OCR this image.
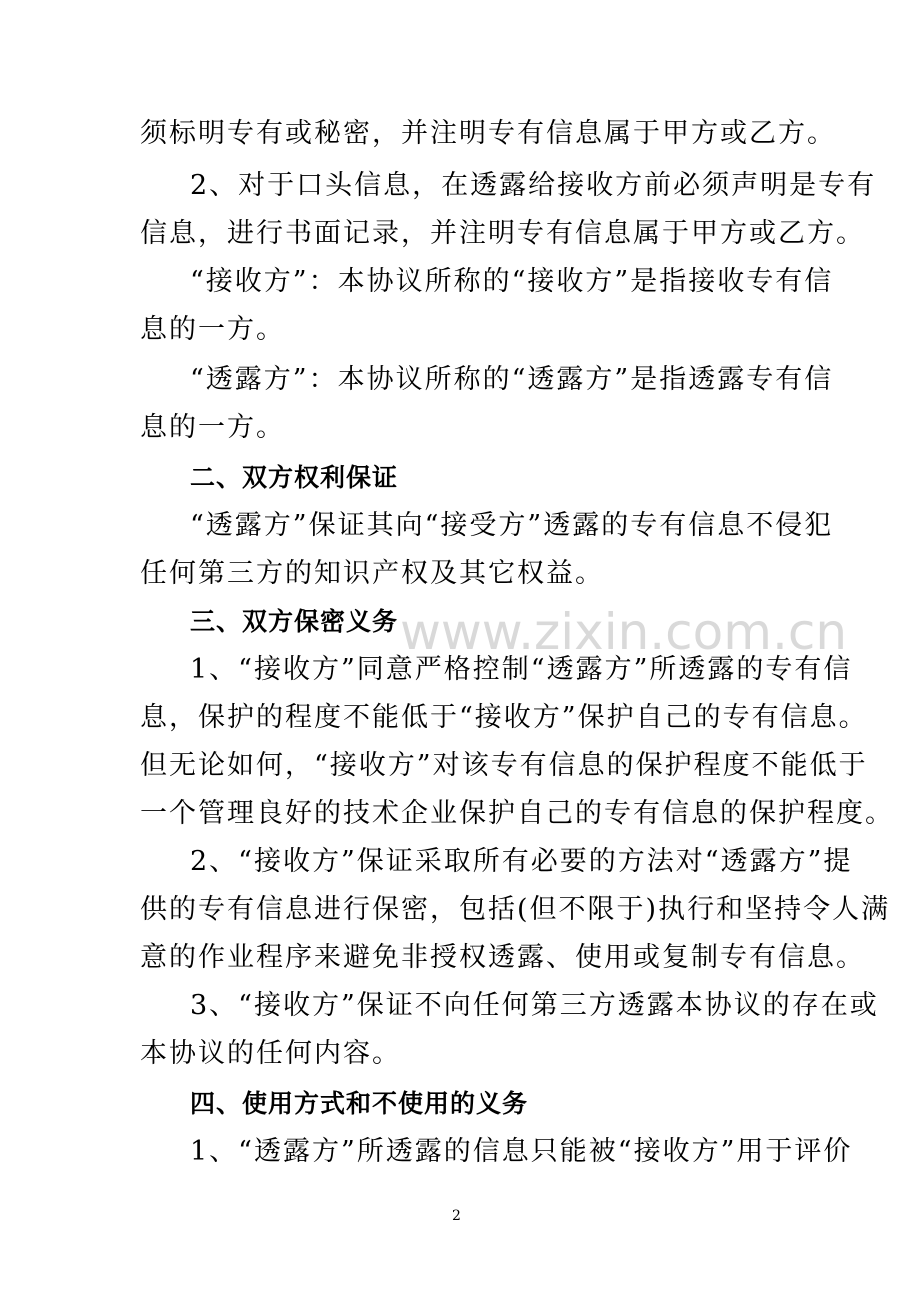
须标明专有或秘密，并注明专有信息属于甲方或乙方。
2、对于口头信息，在透露给接收方前必须声明是专有
信息，进行书面记录，并注明专有信息属于甲方或乙方。
“接收方”：本协议所称的“接收方”是指接收专有信
息的一方。
“透露方”：本协议所称的“透露方”是指透露专有信
息的一方。
二、双方权利保证
“透露方”保证其向“接受方”透露的专有信息不侵犯
任何第三方的知识产权及其它权益。
三、双方保密义务
1、“接收方”同意严格控制“透露方”所透露的专有信
息，保护的程度不能低于“接收方”保护自己的专有信息。
但无论如何，“接收方”对该专有信息的保护程度不能低于
一个管理良好的技术企业保护自己的专有信息的保护程度。
2、“接收方”保证采取所有必要的方法对“透露方”提
供的专有信息进行保密，包括(但不限于)执行和坚持令人满
意的作业程序来避免非授权透露、使用或复制专有信息。
3、“接收方”保证不向任何第三方透露本协议的存在或
本协议的任何内容。
四、使用方式和不使用的义务
1、“透露方”所透露的信息只能被“接收方”用于评价
www.zixin.com.cn
2
